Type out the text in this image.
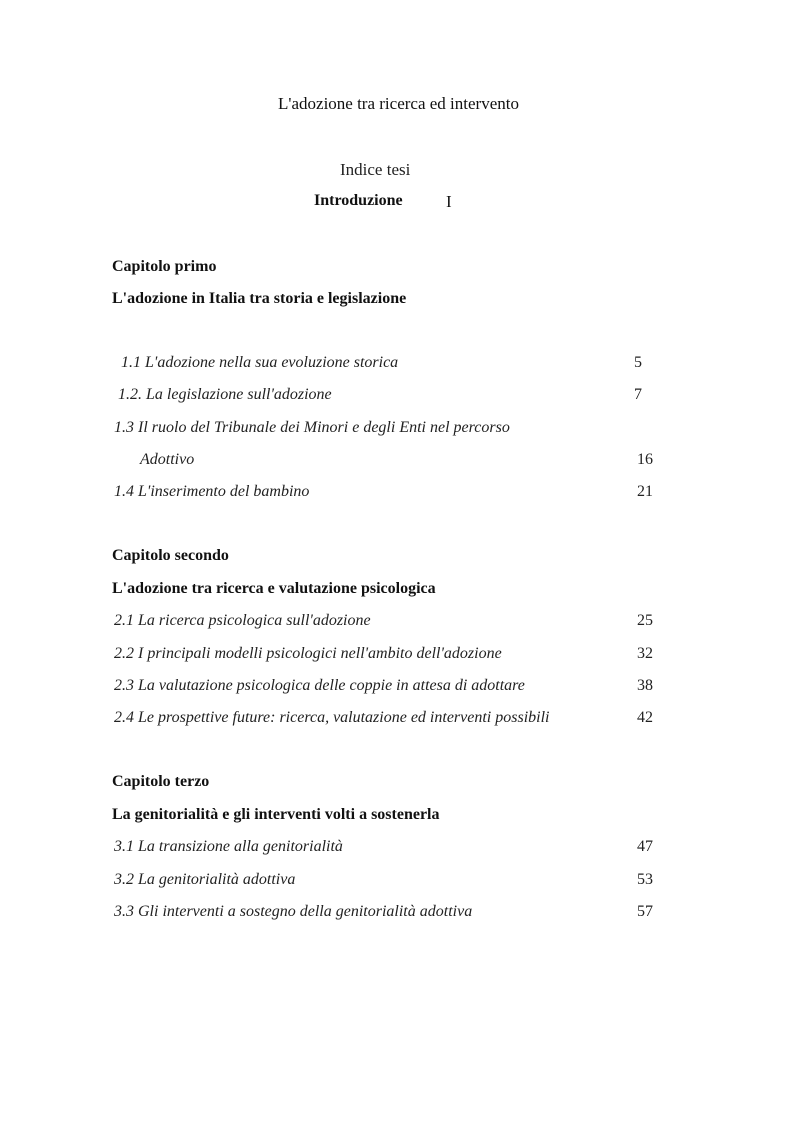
L'adozione tra ricerca ed intervento
Indice tesi
Introduzione	I
Capitolo primo
L'adozione in Italia tra storia e legislazione
1.1 L'adozione nella sua evoluzione storica	5
1.2. La legislazione sull'adozione	7
1.3 Il ruolo del Tribunale dei Minori e degli Enti nel percorso
Adottivo	16
1.4 L'inserimento del bambino	21
Capitolo secondo
L'adozione tra ricerca e valutazione psicologica
2.1 La ricerca psicologica sull'adozione	25
2.2 I principali modelli psicologici nell'ambito dell'adozione	32
2.3 La valutazione psicologica delle coppie in attesa di adottare	38
2.4 Le prospettive future: ricerca, valutazione ed interventi possibili	42
Capitolo terzo
La genitorialità e gli interventi volti a sostenerla
3.1 La transizione alla genitorialità	47
3.2 La genitorialità adottiva	53
3.3 Gli interventi a sostegno della genitorialità adottiva	57
